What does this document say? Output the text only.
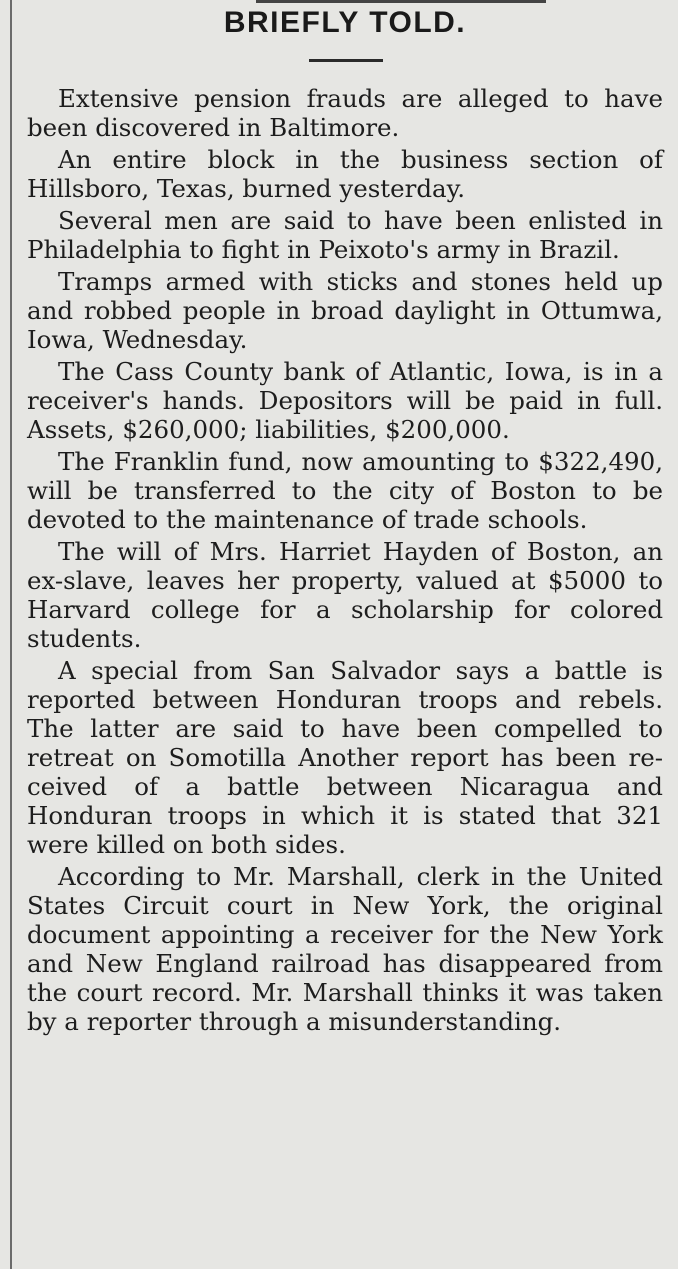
BRIEFLY TOLD.

Extensive pension frauds are alleged to have been discovered in Baltimore.

An entire block in the business section of Hillsboro, Texas, burned yesterday.

Several men are said to have been enlisted in Philadelphia to fight in Peixoto's army in Brazil.

Tramps armed with sticks and stones held up and robbed people in broad daylight in Ottumwa, Iowa, Wednesday.

The Cass County bank of Atlantic, Iowa, is in a receiver's hands. Depositors will be paid in full. Assets, $260,000; liabilities, $200,000.

The Franklin fund, now amounting to $322,490, will be transferred to the city of Boston to be devoted to the maintenance of trade schools.

The will of Mrs. Harriet Hayden of Boston, an ex-slave, leaves her property, valued at $5000 to Harvard college for a scholarship for colored students.

A special from San Salvador says a battle is reported between Honduran troops and rebels. The latter are said to have been compelled to retreat on Somotilla Another report has been received of a battle between Nicaragua and Honduran troops in which it is stated that 321 were killed on both sides.

According to Mr. Marshall, clerk in the United States Circuit court in New York, the original document appointing a receiver for the New York and New England railroad has disappeared from the court record. Mr. Marshall thinks it was taken by a reporter through a misunderstanding.
